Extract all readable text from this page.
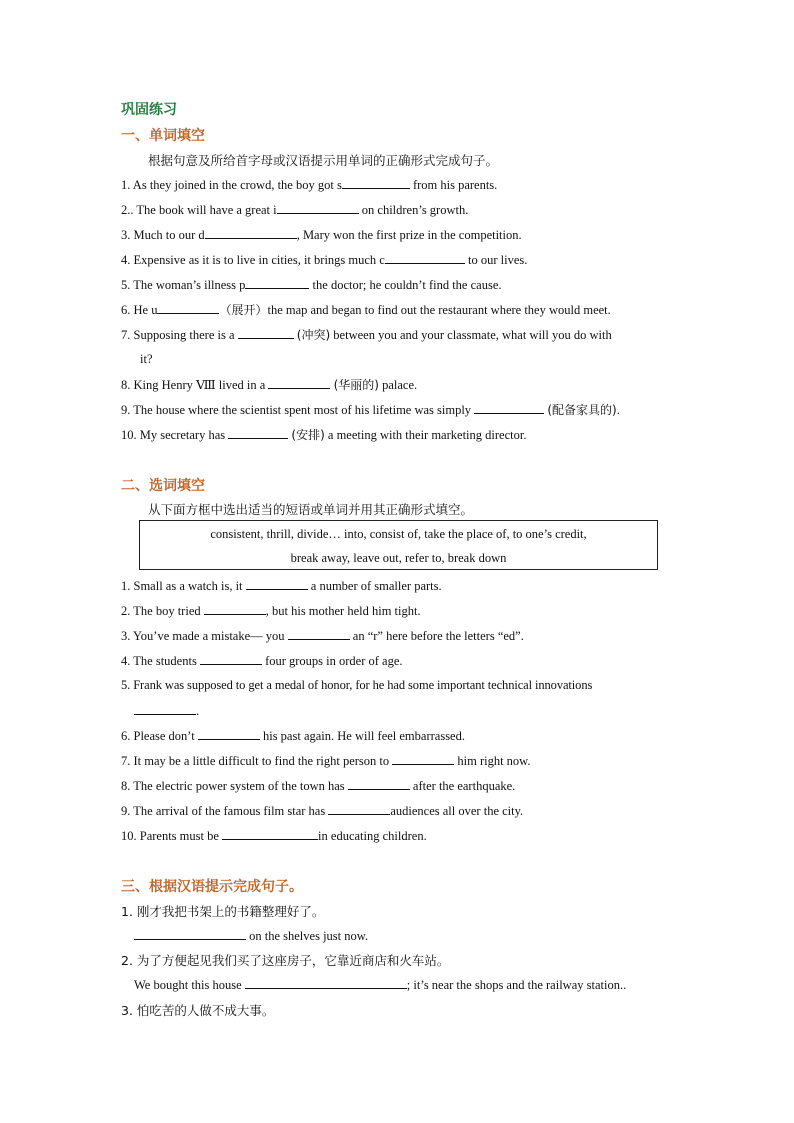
巩固练习
一、单词填空
根据句意及所给首字母或汉语提示用单词的正确形式完成句子。
1. As they joined in the crowd, the boy got s	from his parents.
2.. The book will have a great i	on children’s growth.
3. Much to our d	, Mary won the first prize in the competition.
4. Expensive as it is to live in cities, it brings much c	to our lives.
5. The woman’s illness p	the doctor; he couldn’t find the cause.
6. He u	（展开）the map and began to find out the restaurant where they would meet.
7. Supposing there is a	(冲突) between you and your classmate, what will you do with
it?
8. King Henry Ⅷ lived in a	(华丽的) palace.
9. The house where the scientist spent most of his lifetime was simply	(配备家具的).
10. My secretary has	(安排) a meeting with their marketing director.
二、选词填空
从下面方框中选出适当的短语或单词并用其正确形式填空。
consistent, thrill, divide… into, consist of, take the place of, to one’s credit,
break away, leave out, refer to, break down
1. Small as a watch is, it	a number of smaller parts.
2. The boy tried	, but his mother held him tight.
3. You’ve made a mistake— you	an “r” here before the letters “ed”.
4. The students	four groups in order of age.
5. Frank was supposed to get a medal of honor, for he had some important technical innovations
.
6. Please don’t	his past again. He will feel embarrassed.
7. It may be a little difficult to find the right person to	him right now.
8. The electric power system of the town has	after the earthquake.
9. The arrival of the famous film star has	audiences all over the city.
10. Parents must be	in educating children.
三、根据汉语提示完成句子。
1. 刚才我把书架上的书籍整理好了。
on the shelves just now.
2. 为了方便起见我们买了这座房子，它靠近商店和火车站。
We bought this house	; it’s near the shops and the railway station..
3. 怕吃苦的人做不成大事。
